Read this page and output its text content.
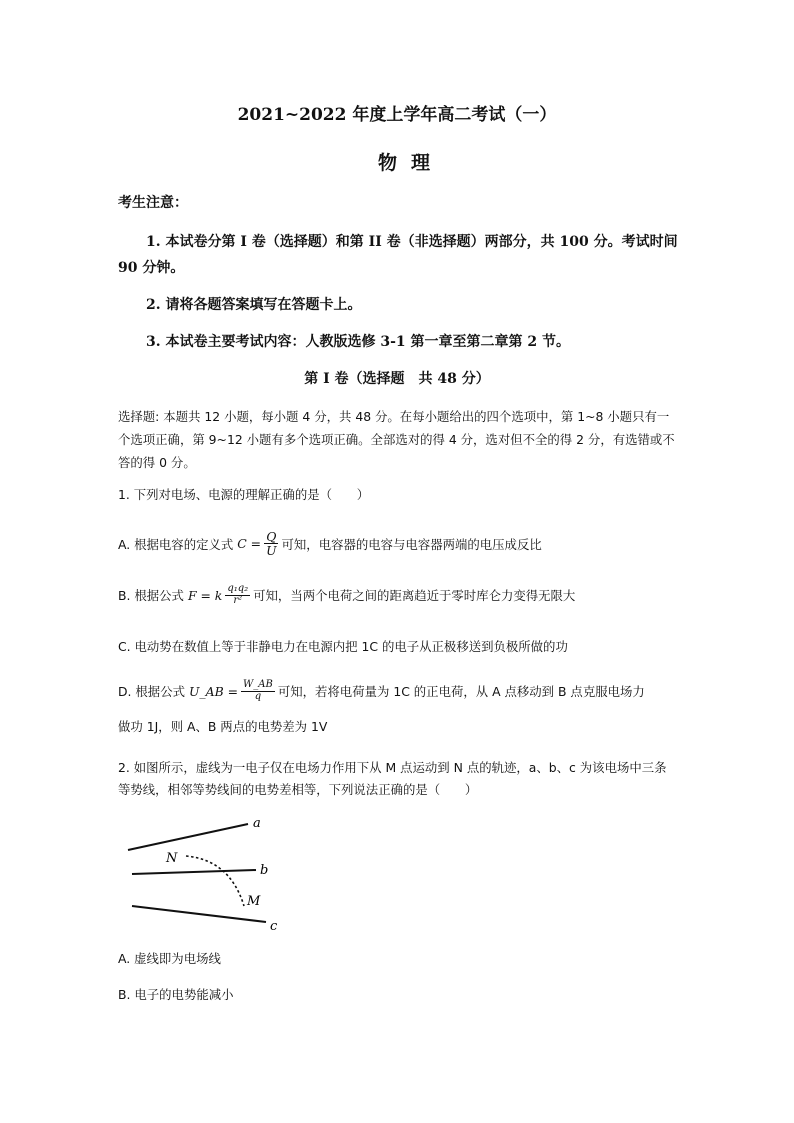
2021~2022 年度上学年高二考试（一）
物理
考生注意：
1. 本试卷分第 I 卷（选择题）和第 II 卷（非选择题）两部分，共 100 分。考试时间 90 分钟。
2. 请将各题答案填写在答题卡上。
3. 本试卷主要考试内容：人教版选修 3-1 第一章至第二章第 2 节。
第 I 卷（选择题　共 48 分）
选择题: 本题共 12 小题，每小题 4 分，共 48 分。在每小题给出的四个选项中，第 1~8 小题只有一个选项正确，第 9~12 小题有多个选项正确。全部选对的得 4 分，选对但不全的得 2 分，有选错或不答的得 0 分。
1. 下列对电场、电源的理解正确的是（　　）
A. 根据电容的定义式 $C = \frac{Q}{U}$ 可知，电容器的电容与电容器两端的电压成反比
B. 根据公式 F = k $\frac{\text{q₁q₂}}{\text{r²}}$ 可知，当两个电荷之间的距离趋近于零时库仑力变得无限大
C. 电动势在数值上等于非静电力在电源内把 1C 的电子从正极移送到负极所做的功
D. 根据公式 U_AB = $\frac{W\_AB}{q}$ 可知，若将电荷量为 1C 的正电荷，从 A 点移动到 B 点克服电场力
做功 1J，则 A、B 两点的电势差为 1V
2. 如图所示，虚线为一电子仅在电场力作用下从 M 点运动到 N 点的轨迹，a、b、c 为该电场中三条等势线，相邻等势线间的电势差相等，下列说法正确的是（　　）
a
b
c
N
M
A. 虚线即为电场线
B. 电子的电势能减小
